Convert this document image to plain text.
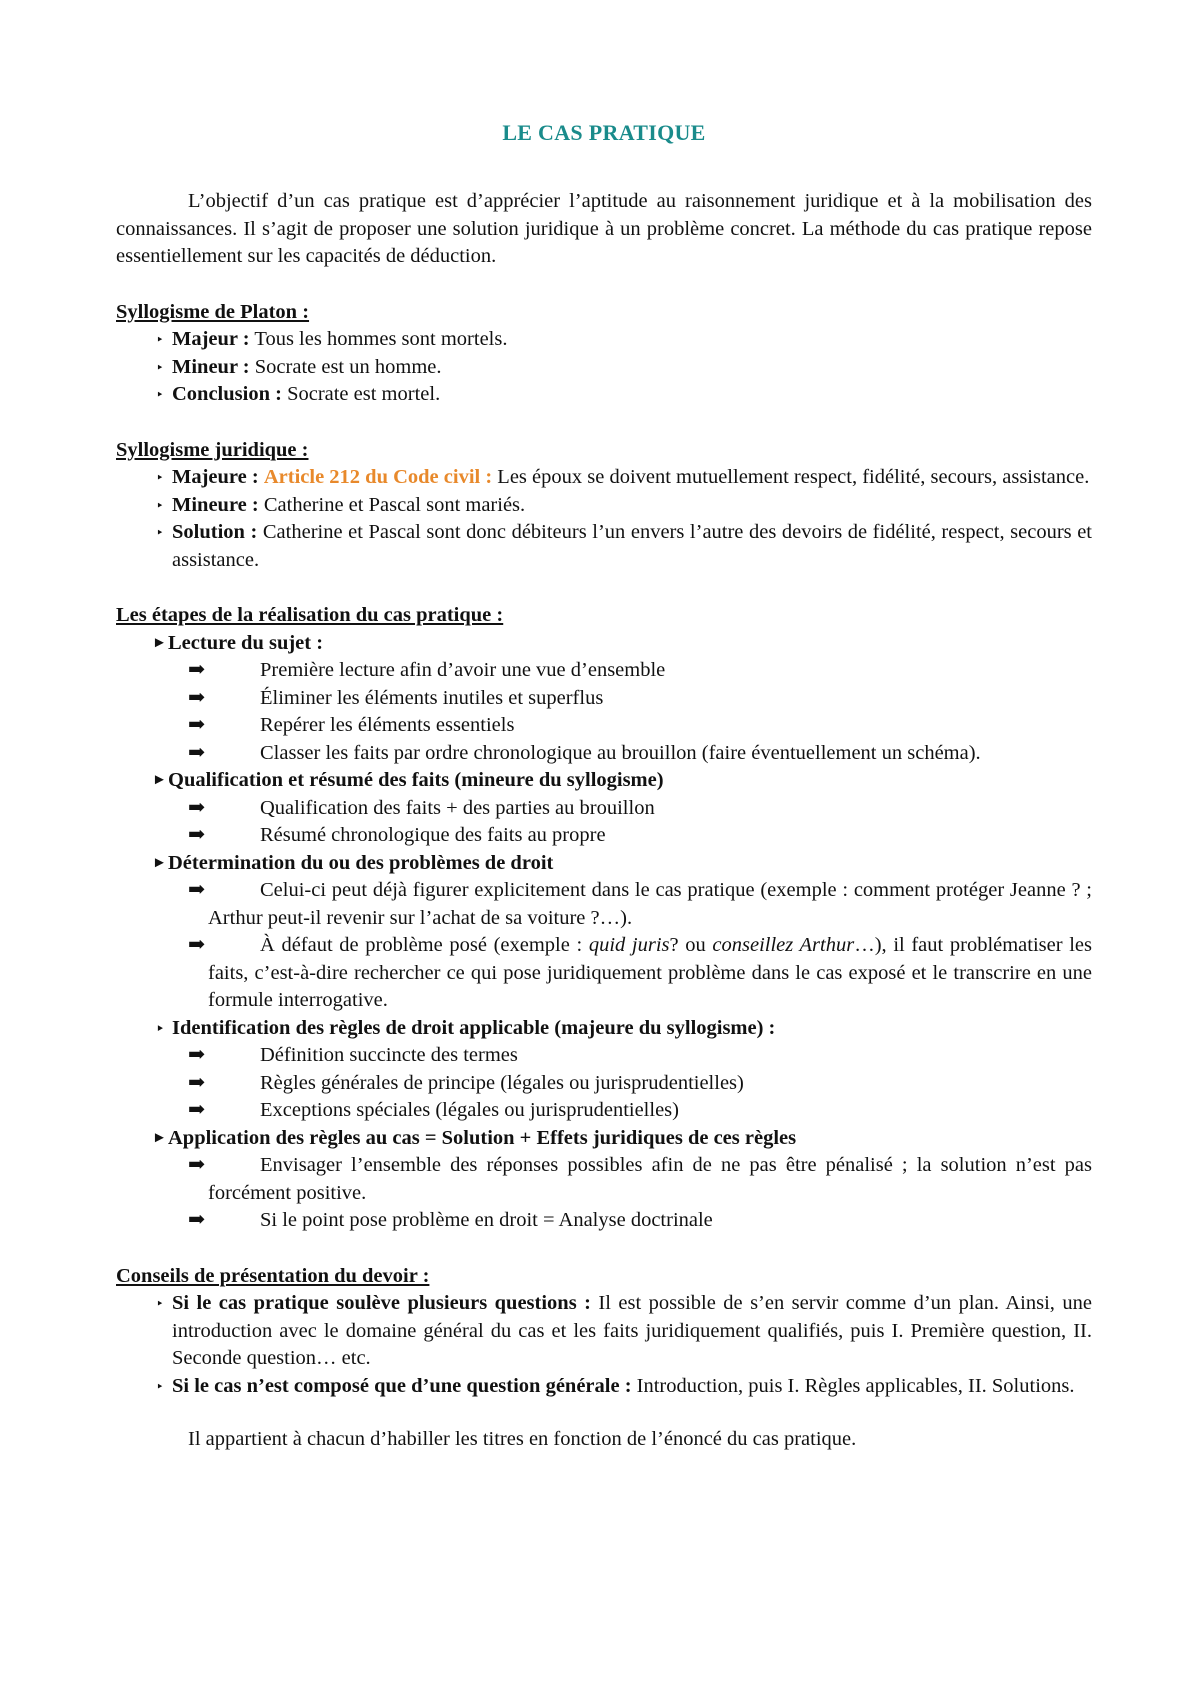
LE CAS PRATIQUE

L’objectif d’un cas pratique est d’apprécier l’aptitude au raisonnement juridique et à la mobilisation des connaissances. Il s’agit de proposer une solution juridique à un problème concret. La méthode du cas pratique repose essentiellement sur les capacités de déduction.

Syllogisme de Platon :
‣ Majeur : Tous les hommes sont mortels.
‣ Mineur : Socrate est un homme.
‣ Conclusion : Socrate est mortel.
Syllogisme juridique :
‣ Majeure : Article 212 du Code civil : Les époux se doivent mutuellement respect, fidélité, secours, assistance.
‣ Mineure : Catherine et Pascal sont mariés.
‣ Solution : Catherine et Pascal sont donc débiteurs l’un envers l’autre des devoirs de fidélité, respect, secours et assistance.
Les étapes de la réalisation du cas pratique :
► Lecture du sujet :
➡	Première lecture afin d’avoir une vue d’ensemble
➡	Éliminer les éléments inutiles et superflus
➡	Repérer les éléments essentiels
➡	Classer les faits par ordre chronologique au brouillon (faire éventuellement un schéma).
► Qualification et résumé des faits (mineure du syllogisme)
➡	Qualification des faits + des parties au brouillon
➡	Résumé chronologique des faits au propre
► Détermination du ou des problèmes de droit
➡	Celui-ci peut déjà figurer explicitement dans le cas pratique (exemple : comment protéger Jeanne ? ; Arthur peut-il revenir sur l’achat de sa voiture ?…).
➡	À défaut de problème posé (exemple : quid juris? ou conseillez Arthur…), il faut problématiser les faits, c’est-à-dire rechercher ce qui pose juridiquement problème dans le cas exposé et le transcrire en une formule interrogative.
‣ Identification des règles de droit applicable (majeure du syllogisme) :
➡	Définition succincte des termes
➡	Règles générales de principe (légales ou jurisprudentielles)
➡	Exceptions spéciales (légales ou jurisprudentielles)
► Application des règles au cas = Solution + Effets juridiques de ces règles
➡	Envisager l’ensemble des réponses possibles afin de ne pas être pénalisé ; la solution n’est pas forcément positive.
➡	Si le point pose problème en droit = Analyse doctrinale
Conseils de présentation du devoir :
‣ Si le cas pratique soulève plusieurs questions : Il est possible de s’en servir comme d’un plan. Ainsi, une introduction avec le domaine général du cas et les faits juridiquement qualifiés, puis I. Première question, II. Seconde question… etc.
‣ Si le cas n’est composé que d’une question générale : Introduction, puis I. Règles applicables, II. Solutions.

Il appartient à chacun d’habiller les titres en fonction de l’énoncé du cas pratique.
